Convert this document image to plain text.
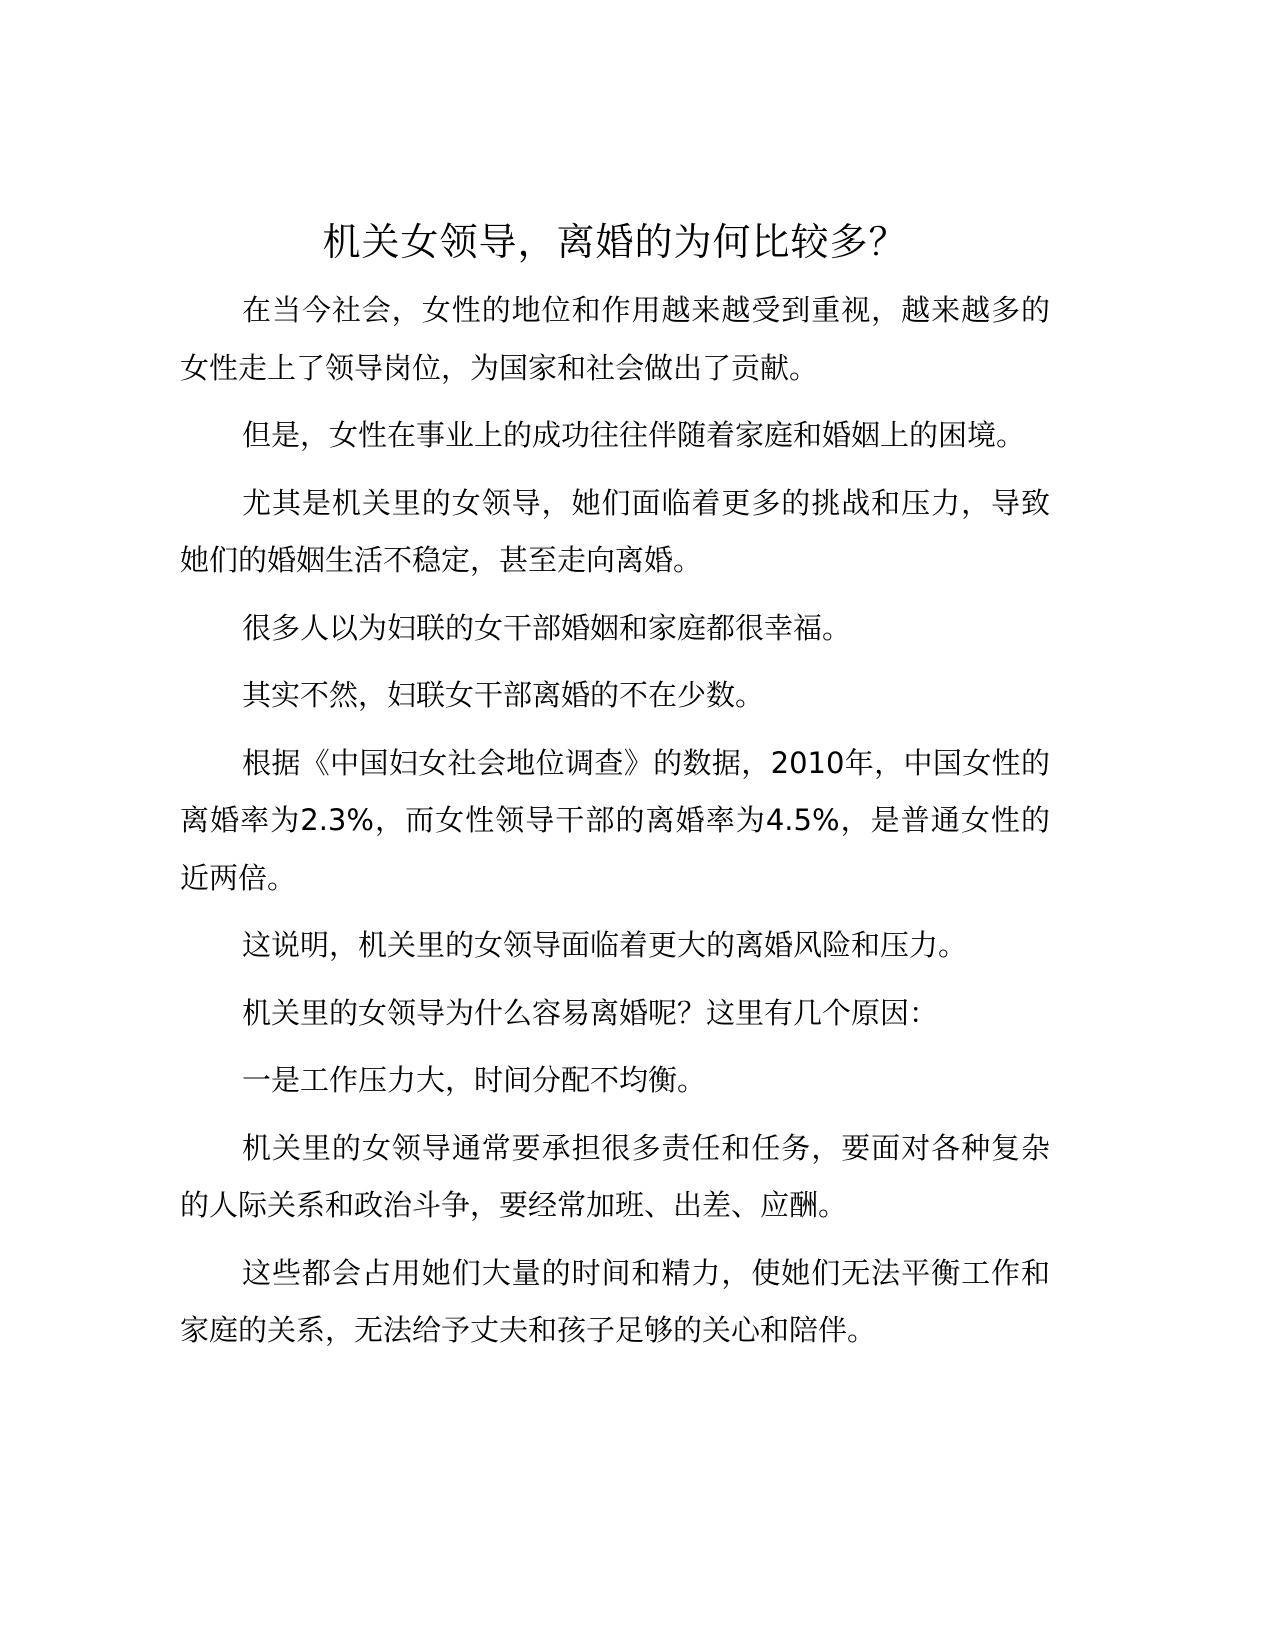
机关女领导，离婚的为何比较多？

在当今社会，女性的地位和作用越来越受到重视，越来越多的女性走上了领导岗位，为国家和社会做出了贡献。

但是，女性在事业上的成功往往伴随着家庭和婚姻上的困境。

尤其是机关里的女领导，她们面临着更多的挑战和压力，导致她们的婚姻生活不稳定，甚至走向离婚。

很多人以为妇联的女干部婚姻和家庭都很幸福。

其实不然，妇联女干部离婚的不在少数。

根据《中国妇女社会地位调查》的数据，2010年，中国女性的离婚率为2.3%，而女性领导干部的离婚率为4.5%，是普通女性的近两倍。

这说明，机关里的女领导面临着更大的离婚风险和压力。

机关里的女领导为什么容易离婚呢？这里有几个原因：

一是工作压力大，时间分配不均衡。

机关里的女领导通常要承担很多责任和任务，要面对各种复杂的人际关系和政治斗争，要经常加班、出差、应酬。

这些都会占用她们大量的时间和精力，使她们无法平衡工作和家庭的关系，无法给予丈夫和孩子足够的关心和陪伴。
